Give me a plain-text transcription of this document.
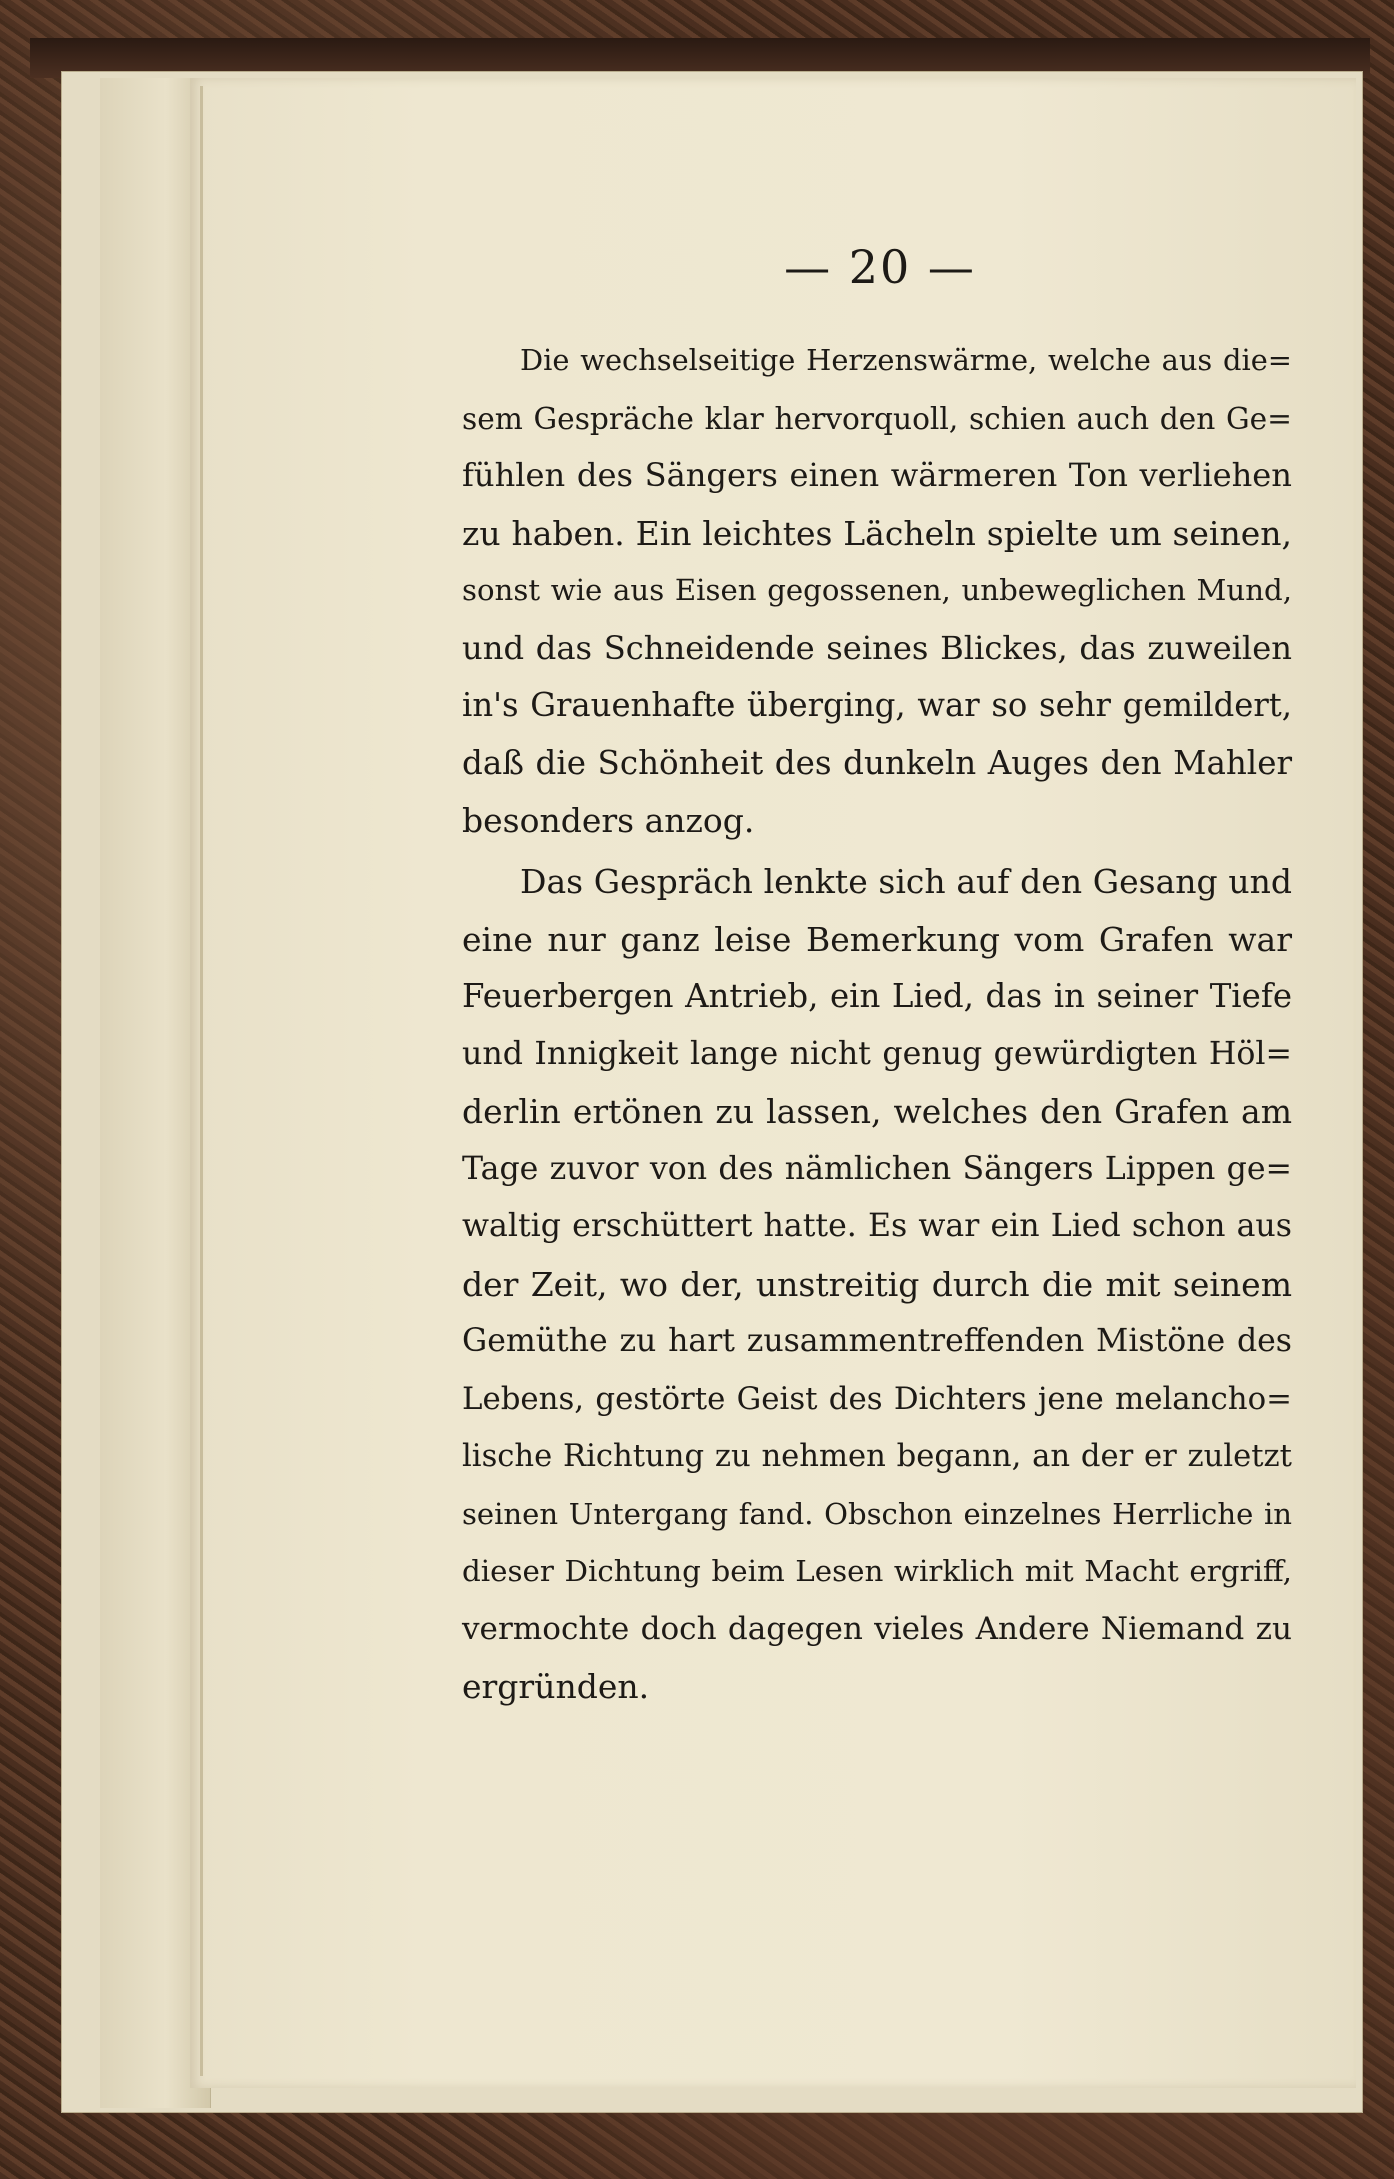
— 20 —
Die wechselseitige Herzenswärme, welche aus die=
sem Gespräche klar hervorquoll, schien auch den Ge=
fühlen des Sängers einen wärmeren Ton verliehen
zu haben. Ein leichtes Lächeln spielte um seinen,
sonst wie aus Eisen gegossenen, unbeweglichen Mund,
und das Schneidende seines Blickes, das zuweilen
in's Grauenhafte überging, war so sehr gemildert,
daß die Schönheit des dunkeln Auges den Mahler
besonders anzog.
Das Gespräch lenkte sich auf den Gesang und
eine nur ganz leise Bemerkung vom Grafen war
Feuerbergen Antrieb, ein Lied, das in seiner Tiefe
und Innigkeit lange nicht genug gewürdigten Höl=
derlin ertönen zu lassen, welches den Grafen am
Tage zuvor von des nämlichen Sängers Lippen ge=
waltig erschüttert hatte. Es war ein Lied schon aus
der Zeit, wo der, unstreitig durch die mit seinem
Gemüthe zu hart zusammentreffenden Mistöne des
Lebens, gestörte Geist des Dichters jene melancho=
lische Richtung zu nehmen begann, an der er zuletzt
seinen Untergang fand. Obschon einzelnes Herrliche in
dieser Dichtung beim Lesen wirklich mit Macht ergriff,
vermochte doch dagegen vieles Andere Niemand zu
ergründen.
